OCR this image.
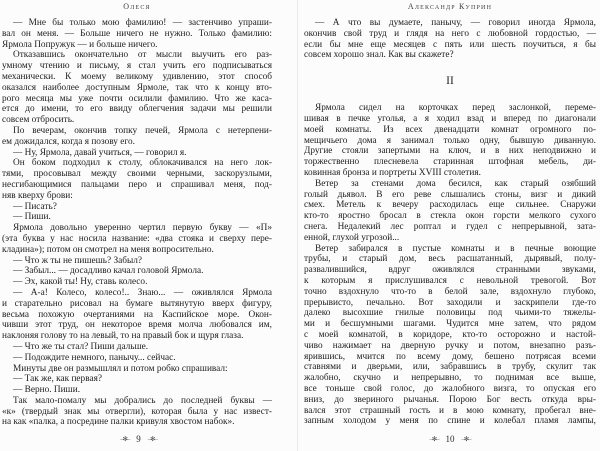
Олеся
— Мне бы только мою фамилию! — застенчиво упраши-
вал он меня. — Больше ничего не нужно. Только фамилию:
Ярмола Попружук — и больше ничего.
Отказавшись окончательно от мысли выучить его раз-
умному чтению и письму, я стал учить его подписываться
механически. К моему великому удивлению, этот способ
оказался наиболее доступным Ярмоле, так что к концу вто-
рого месяца мы уже почти осилили фамилию. Что же каса-
ется до имени, то его ввиду облегчения задачи мы решили
совсем отбросить.
По вечерам, окончив топку печей, Ярмола с нетерпени-
ем дожидался, когда я позову его.
— Ну, Ярмола, давай учиться, — говорил я.
Он боком подходил к столу, облокачивался на него лок-
тями, просовывал между своими черными, заскорузлыми,
несгибающимися пальцами перо и спрашивал меня, под-
няв кверху брови:
— Писать?
— Пиши.
Ярмола довольно уверенно чертил первую букву — «П»
(эта буква у нас носила название: «два стояка и сверху пере-
кладина»); потом он смотрел на меня вопросительно.
— Что ж ты не пишешь? Забыл?
— Забыл... — досадливо качал головой Ярмола.
— Эх, какой ты! Ну, ставь колесо.
— А-а! Колесо, колесо!.. Знаю... — оживлялся Ярмола
и старательно рисовал на бумаге вытянутую вверх фигуру,
весьма похожую очертаниями на Каспийское море. Окон-
чивши этот труд, он некоторое время молча любовался им,
наклоняя голову то на левый, то на правый бок и щуря глаза.
— Что же ты стал? Пиши дальше.
— Подождите немного, панычу... сейчас.
Минуты две он размышлял и потом робко спрашивал:
— Так же, как первая?
— Верно. Пиши.
Так мало-помалу мы добрались до последней буквы —
«к» (твердый знак мы отвергли), которая была у нас извест-
на как «палка, а посредине палки кривуля хвостом набок».
–✻– 9 –✻–
Александр Куприн
— А что вы думаете, панычу, — говорил иногда Ярмола,
окончив свой труд и глядя на него с любовной гордостью, —
если бы мне еще месяцев с пять или шесть поучиться, я бы
совсем хорошо знал. Как вы скажете?
II
Ярмола сидел на корточках перед заслонкой, переме-
шивая в печке уголья, а я ходил взад и вперед по диагонали
моей комнаты. Из всех двенадцати комнат огромного по-
мещичьего дома я занимал только одну, бывшую диванную.
Другие стояли запертыми на ключ, и в них неподвижно и
торжественно плесневела старинная штофная мебель, ди-
ковинная бронза и портреты XVIII столетия.
Ветер за стенами дома бесился, как старый озябший
голый дьявол. В его реве слышались стоны, визг и дикий
смех. Метель к вечеру расходилась еще сильнее. Снаружи
кто-то яростно бросал в стекла окон горсти мелкого сухого
снега. Недалекий лес роптал и гудел с непрерывной, зата-
енной, глухой угрозой...
Ветер забирался в пустые комнаты и в печные воющие
трубы, и старый дом, весь расшатанный, дырявый, полу-
развалившийся, вдруг оживлялся странными звуками,
к которым я прислушивался с невольной тревогой. Вот
точно вздохнуло что-то в белой зале, вздохнуло глубоко,
прерывисто, печально. Вот заходили и заскрипели где-то
далеко высохшие гнилые половицы под чьими-то тяжелы-
ми и бесшумными шагами. Чудится мне затем, что рядом
с моей комнатой, в коридоре, кто-то осторожно и настой-
чиво нажимает на дверную ручку и потом, внезапно разъ-
ярившись, мчится по всему дому, бешено потрясая всеми
ставнями и дверьми, или, забравшись в трубу, скулит так
жалобно, скучно и непрерывно, то поднимая все выше,
все тоньше свой голос, до жалобного визга, то опуская его
вниз, до звериного рычанья. Порою Бог весть откуда вры-
вался этот страшный гость и в мою комнату, пробегал вне-
запным холодом у меня по спине и колебал пламя лампы,
–✻– 10 –✻–
